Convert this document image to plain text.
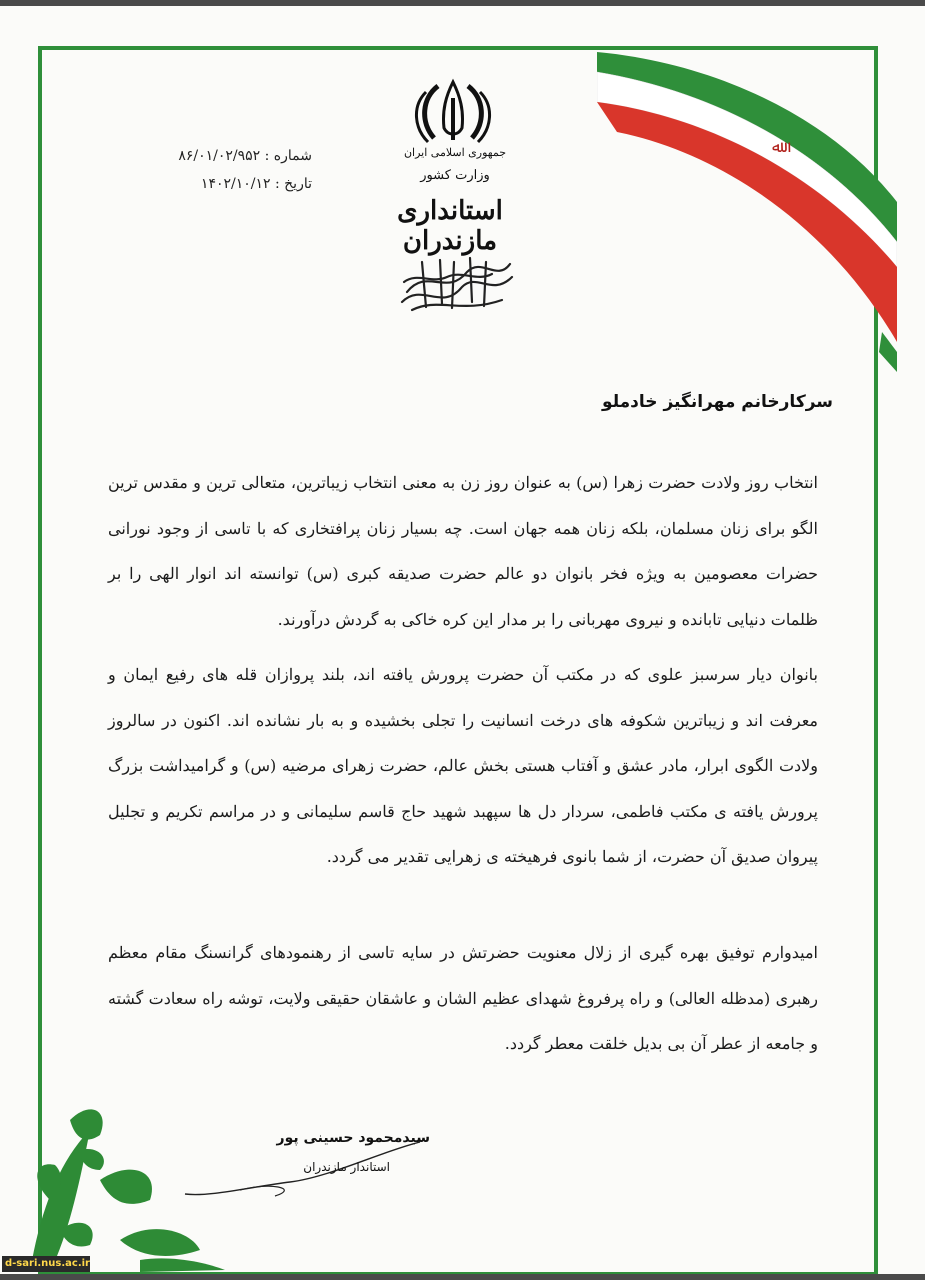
ﷲ
جمهوری اسلامی ایران
وزارت کشور
استانداری مازندران
شماره : ۸۶/۰۱/۰۲/۹۵۲
تاریخ : ۱۴۰۲/۱۰/۱۲
سرکارخانم مهرانگیز خادملو
انتخاب روز ولادت حضرت زهرا (س) به عنوان روز زن به معنی انتخاب زیباترین، متعالی ترین و مقدس ترین الگو برای زنان مسلمان، بلکه زنان همه جهان است. چه بسیار زنان پرافتخاری که با تاسی از وجود نورانی حضرات معصومین به ویژه فخر بانوان دو عالم حضرت صدیقه کبری (س) توانسته اند انوار الهی را بر ظلمات دنیایی تابانده و نیروی مهربانی را بر مدار این کره خاکی به گردش درآورند.
بانوان دیار سرسبز علوی که در مکتب آن حضرت پرورش یافته اند، بلند پروازان قله های رفیع ایمان و معرفت اند و زیباترین شکوفه های درخت انسانیت را تجلی بخشیده و به بار نشانده اند. اکنون در سالروز ولادت الگوی ابرار، مادر عشق و آفتاب هستی بخش عالم، حضرت زهرای مرضیه (س) و گرامیداشت بزرگ پرورش یافته ی مکتب فاطمی، سردار دل ها سپهبد شهید حاج قاسم سلیمانی و در مراسم تکریم و تجلیل پیروان صدیق آن حضرت، از شما بانوی فرهیخته ی زهرایی تقدیر می گردد.
امیدوارم توفیق بهره گیری از زلال معنویت حضرتش در سایه تاسی از رهنمودهای گرانسنگ مقام معظم رهبری (مدظله العالی) و راه پرفروغ شهدای عظیم الشان و عاشقان حقیقی ولایت، توشه راه سعادت گشته و جامعه از عطر آن بی بدیل خلقت معطر گردد.
سیدمحمود حسینی پور
استاندار مازندران
d-sari.nus.ac.ir
